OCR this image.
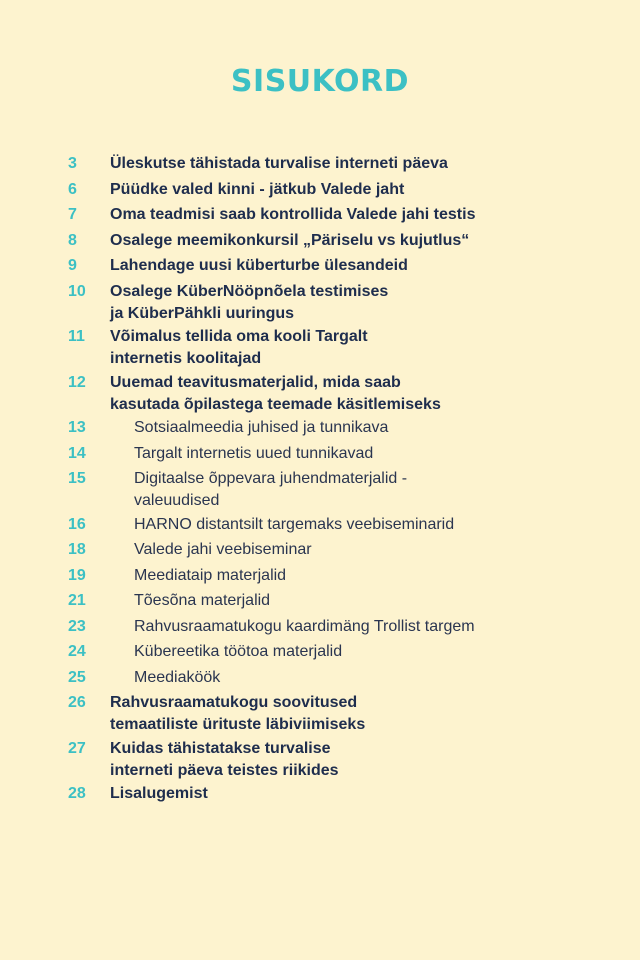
SISUKORD
3	Üleskutse tähistada turvalise interneti päeva
6	Püüdke valed kinni - jätkub Valede jaht
7	Oma teadmisi saab kontrollida Valede jahi testis
8	Osalege meemikonkursil „Päriselu vs kujutlus“
9	Lahendage uusi küberturbe ülesandeid
10	Osalege KüberNööpnõela testimises
ja KüberPähkli uuringus
11	Võimalus tellida oma kooli Targalt
internetis koolitajad
12	Uuemad teavitusmaterjalid, mida saab
kasutada õpilastega teemade käsitlemiseks
13	Sotsiaalmeedia juhised ja tunnikava
14	Targalt internetis uued tunnikavad
15	Digitaalse õppevara juhendmaterjalid -
valeuudised
16	HARNO distantsilt targemaks veebiseminarid
18	Valede jahi veebiseminar
19	Meediataip materjalid
21	Tõesõna materjalid
23	Rahvusraamatukogu kaardimäng Trollist targem
24	Kübereetika töötoa materjalid
25	Meediaköök
26	Rahvusraamatukogu soovitused
temaatiliste ürituste läbiviimiseks
27	Kuidas tähistatakse turvalise
interneti päeva teistes riikides
28	Lisalugemist
